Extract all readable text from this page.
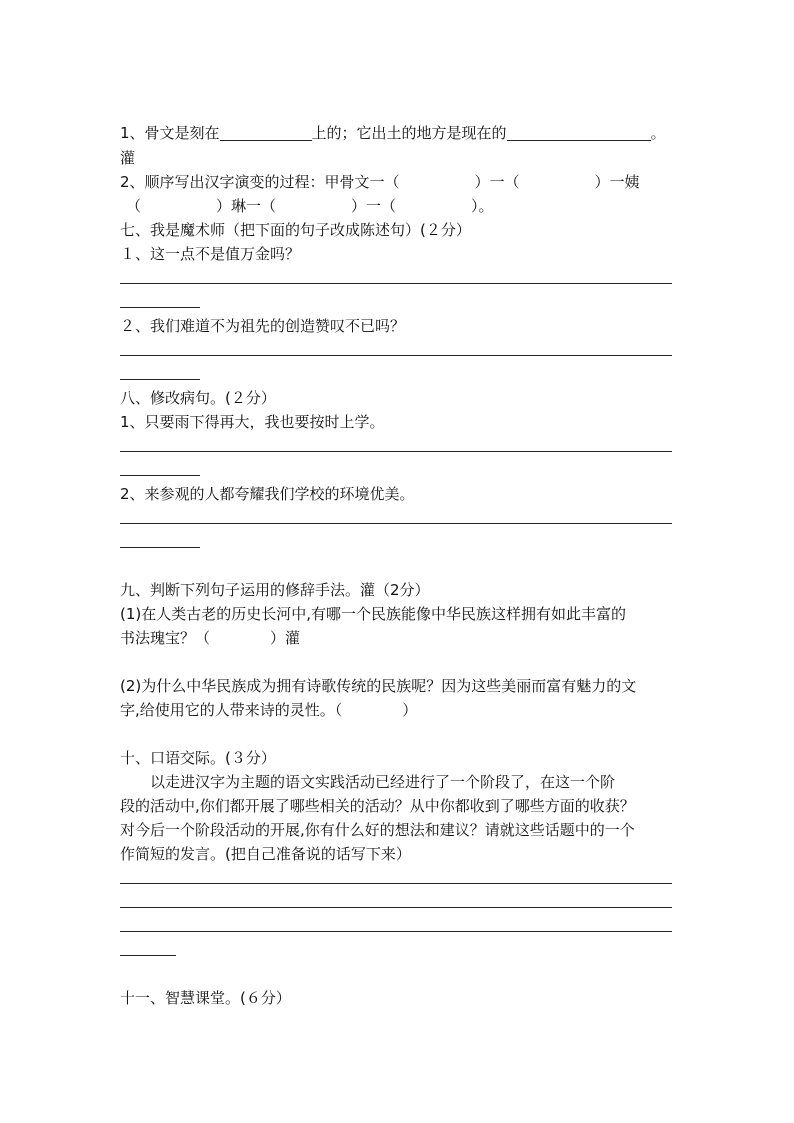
1、骨文是刻在	上的；它出土的地方是现在的	。
灌
2、顺序写出汉字演变的过程：甲骨文一（　　　　　）一（　　　　　）一姨
（　　　　　）琳一（　　　　　）一（　　　　　）。
七、我是魔术师（把下面的句子改成陈述句）(２分）
１、这一点不是值万金吗？
２、我们难道不为祖先的创造赞叹不已吗？
八、修改病句。(２分）
1、只要雨下得再大，我也要按时上学。
2、来参观的人都夸耀我们学校的环境优美。
九、判断下列句子运用的修辞手法。灌（2分）
(1)在人类古老的历史长河中,有哪一个民族能像中华民族这样拥有如此丰富的
书法瑰宝？（　　　　）灌
(2)为什么中华民族成为拥有诗歌传统的民族呢？因为这些美丽而富有魅力的文
字,给使用它的人带来诗的灵性。（　　　　）
十、口语交际。(３分）
　　以走进汉字为主题的语文实践活动已经进行了一个阶段了，在这一个阶
段的活动中,你们都开展了哪些相关的活动？从中你都收到了哪些方面的收获？
对今后一个阶段活动的开展,你有什么好的想法和建议？请就这些话题中的一个
作简短的发言。(把自己准备说的话写下来）
十一、智慧课堂。(６分）
